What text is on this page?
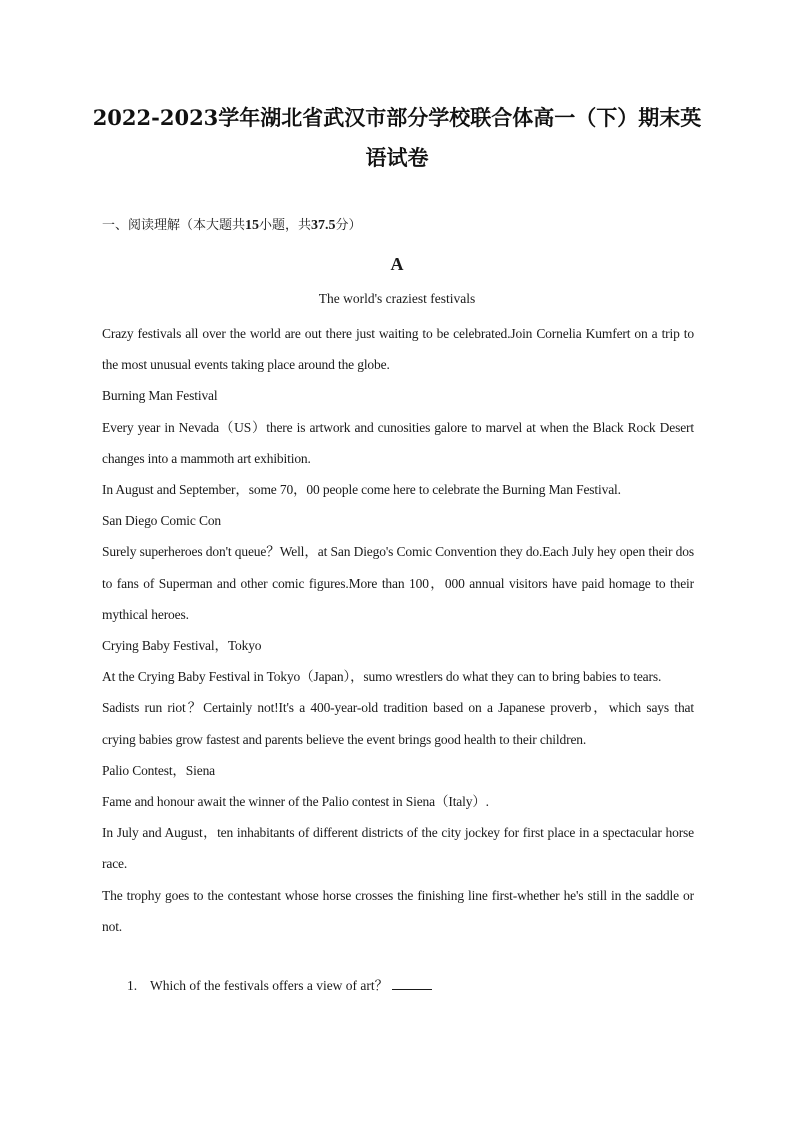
2022-2023学年湖北省武汉市部分学校联合体高一（下）期末英
语试卷
一、阅读理解（本大题共15小题，共37.5分）
A
The world's craziest festivals

Crazy festivals all over the world are out there just waiting to be celebrated.Join Cornelia Kumfert on a trip to the most unusual events taking place around the globe.

Burning Man Festival

Every year in Nevada（US）there is artwork and cunosities galore to marvel at when the Black Rock Desert changes into a mammoth art exhibition.

In August and September，some 70，00 people come here to celebrate the Burning Man Festival.

San Diego Comic Con

Surely superheroes don't queue？Well，at San Diego's Comic Convention they do.Each July hey open their dos to fans of Superman and other comic figures.More than 100，000 annual visitors have paid homage to their mythical heroes.

Crying Baby Festival，Tokyo

At the Crying Baby Festival in Tokyo（Japan），sumo wrestlers do what they can to bring babies to tears.

Sadists run riot？Certainly not!It's a 400-year-old tradition based on a Japanese proverb，which says that crying babies grow fastest and parents believe the event brings good health to their children.

Palio Contest，Siena

Fame and honour await the winner of the Palio contest in Siena（Italy）.

In July and August，ten inhabitants of different districts of the city jockey for first place in a spectacular horse race.

The trophy goes to the contestant whose horse crosses the finishing line first-whether he's still in the saddle or not.

1. Which of the festivals offers a view of art？
